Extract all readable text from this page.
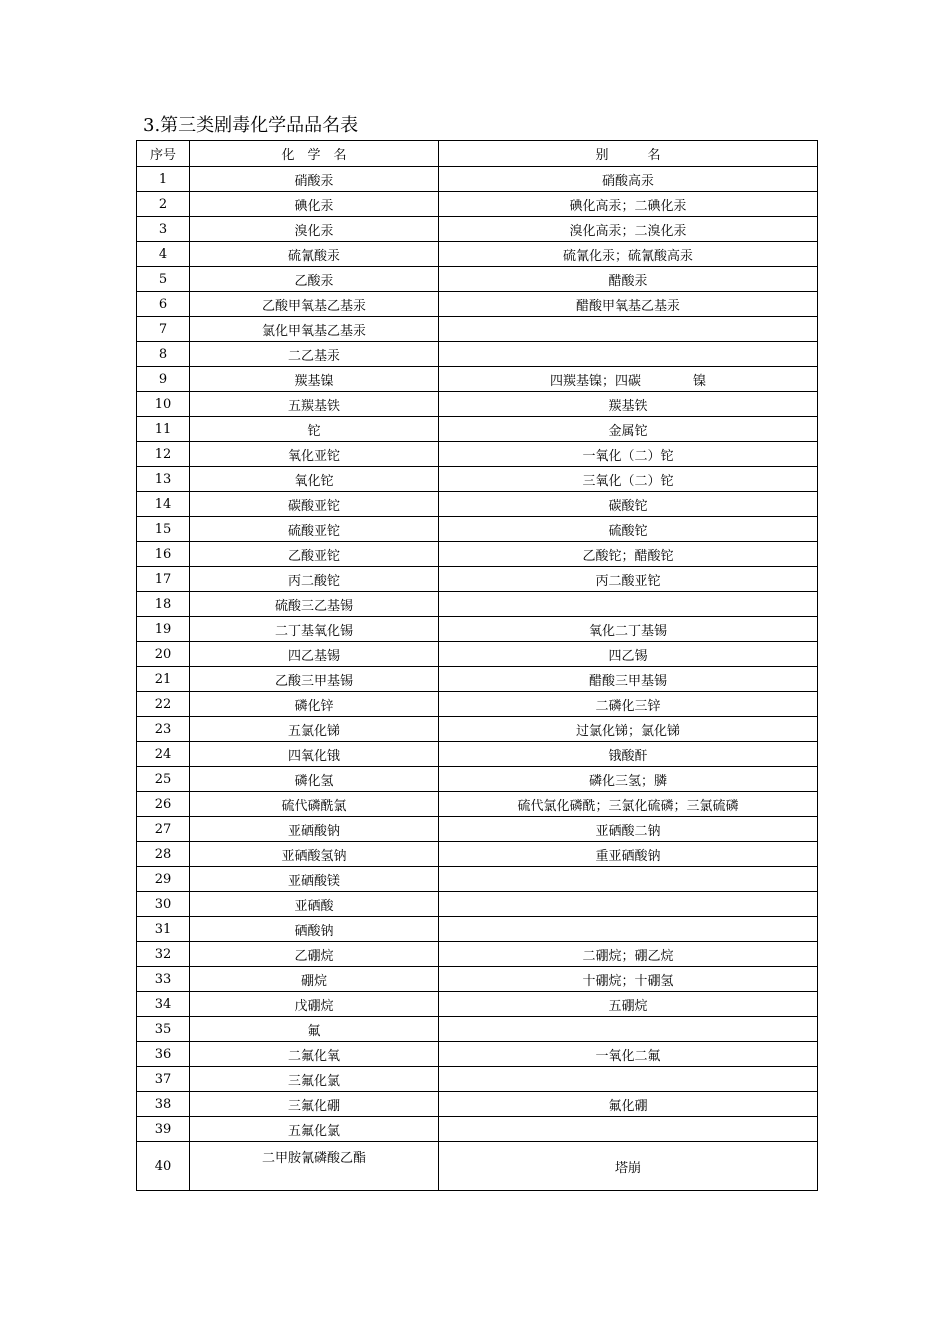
3.第三类剧毒化学品品名表
序号	化　学　名	别　　　名
1	硝酸汞	硝酸高汞
2	碘化汞	碘化高汞；二碘化汞
3	溴化汞	溴化高汞；二溴化汞
4	硫氰酸汞	硫氰化汞；硫氰酸高汞
5	乙酸汞	醋酸汞
6	乙酸甲氧基乙基汞	醋酸甲氧基乙基汞
7	氯化甲氧基乙基汞	
8	二乙基汞	
9	羰基镍	四羰基镍；四碳　　　　镍
10	五羰基铁	羰基铁
11	铊	金属铊
12	氧化亚铊	一氧化（二）铊
13	氧化铊	三氧化（二）铊
14	碳酸亚铊	碳酸铊
15	硫酸亚铊	硫酸铊
16	乙酸亚铊	乙酸铊；醋酸铊
17	丙二酸铊	丙二酸亚铊
18	硫酸三乙基锡	
19	二丁基氧化锡	氧化二丁基锡
20	四乙基锡	四乙锡
21	乙酸三甲基锡	醋酸三甲基锡
22	磷化锌	二磷化三锌
23	五氯化锑	过氯化锑；氯化锑
24	四氧化锇	锇酸酐
25	磷化氢	磷化三氢；膦
26	硫代磷酰氯	硫代氯化磷酰；三氯化硫磷；三氯硫磷
27	亚硒酸钠	亚硒酸二钠
28	亚硒酸氢钠	重亚硒酸钠
29	亚硒酸镁	
30	亚硒酸	
31	硒酸钠	
32	乙硼烷	二硼烷；硼乙烷
33	硼烷	十硼烷；十硼氢
34	戊硼烷	五硼烷
35	氟	
36	二氟化氧	一氧化二氟
37	三氟化氯	
38	三氟化硼	氟化硼
39	五氟化氯	
40	二甲胺氰磷酸乙酯	塔崩
